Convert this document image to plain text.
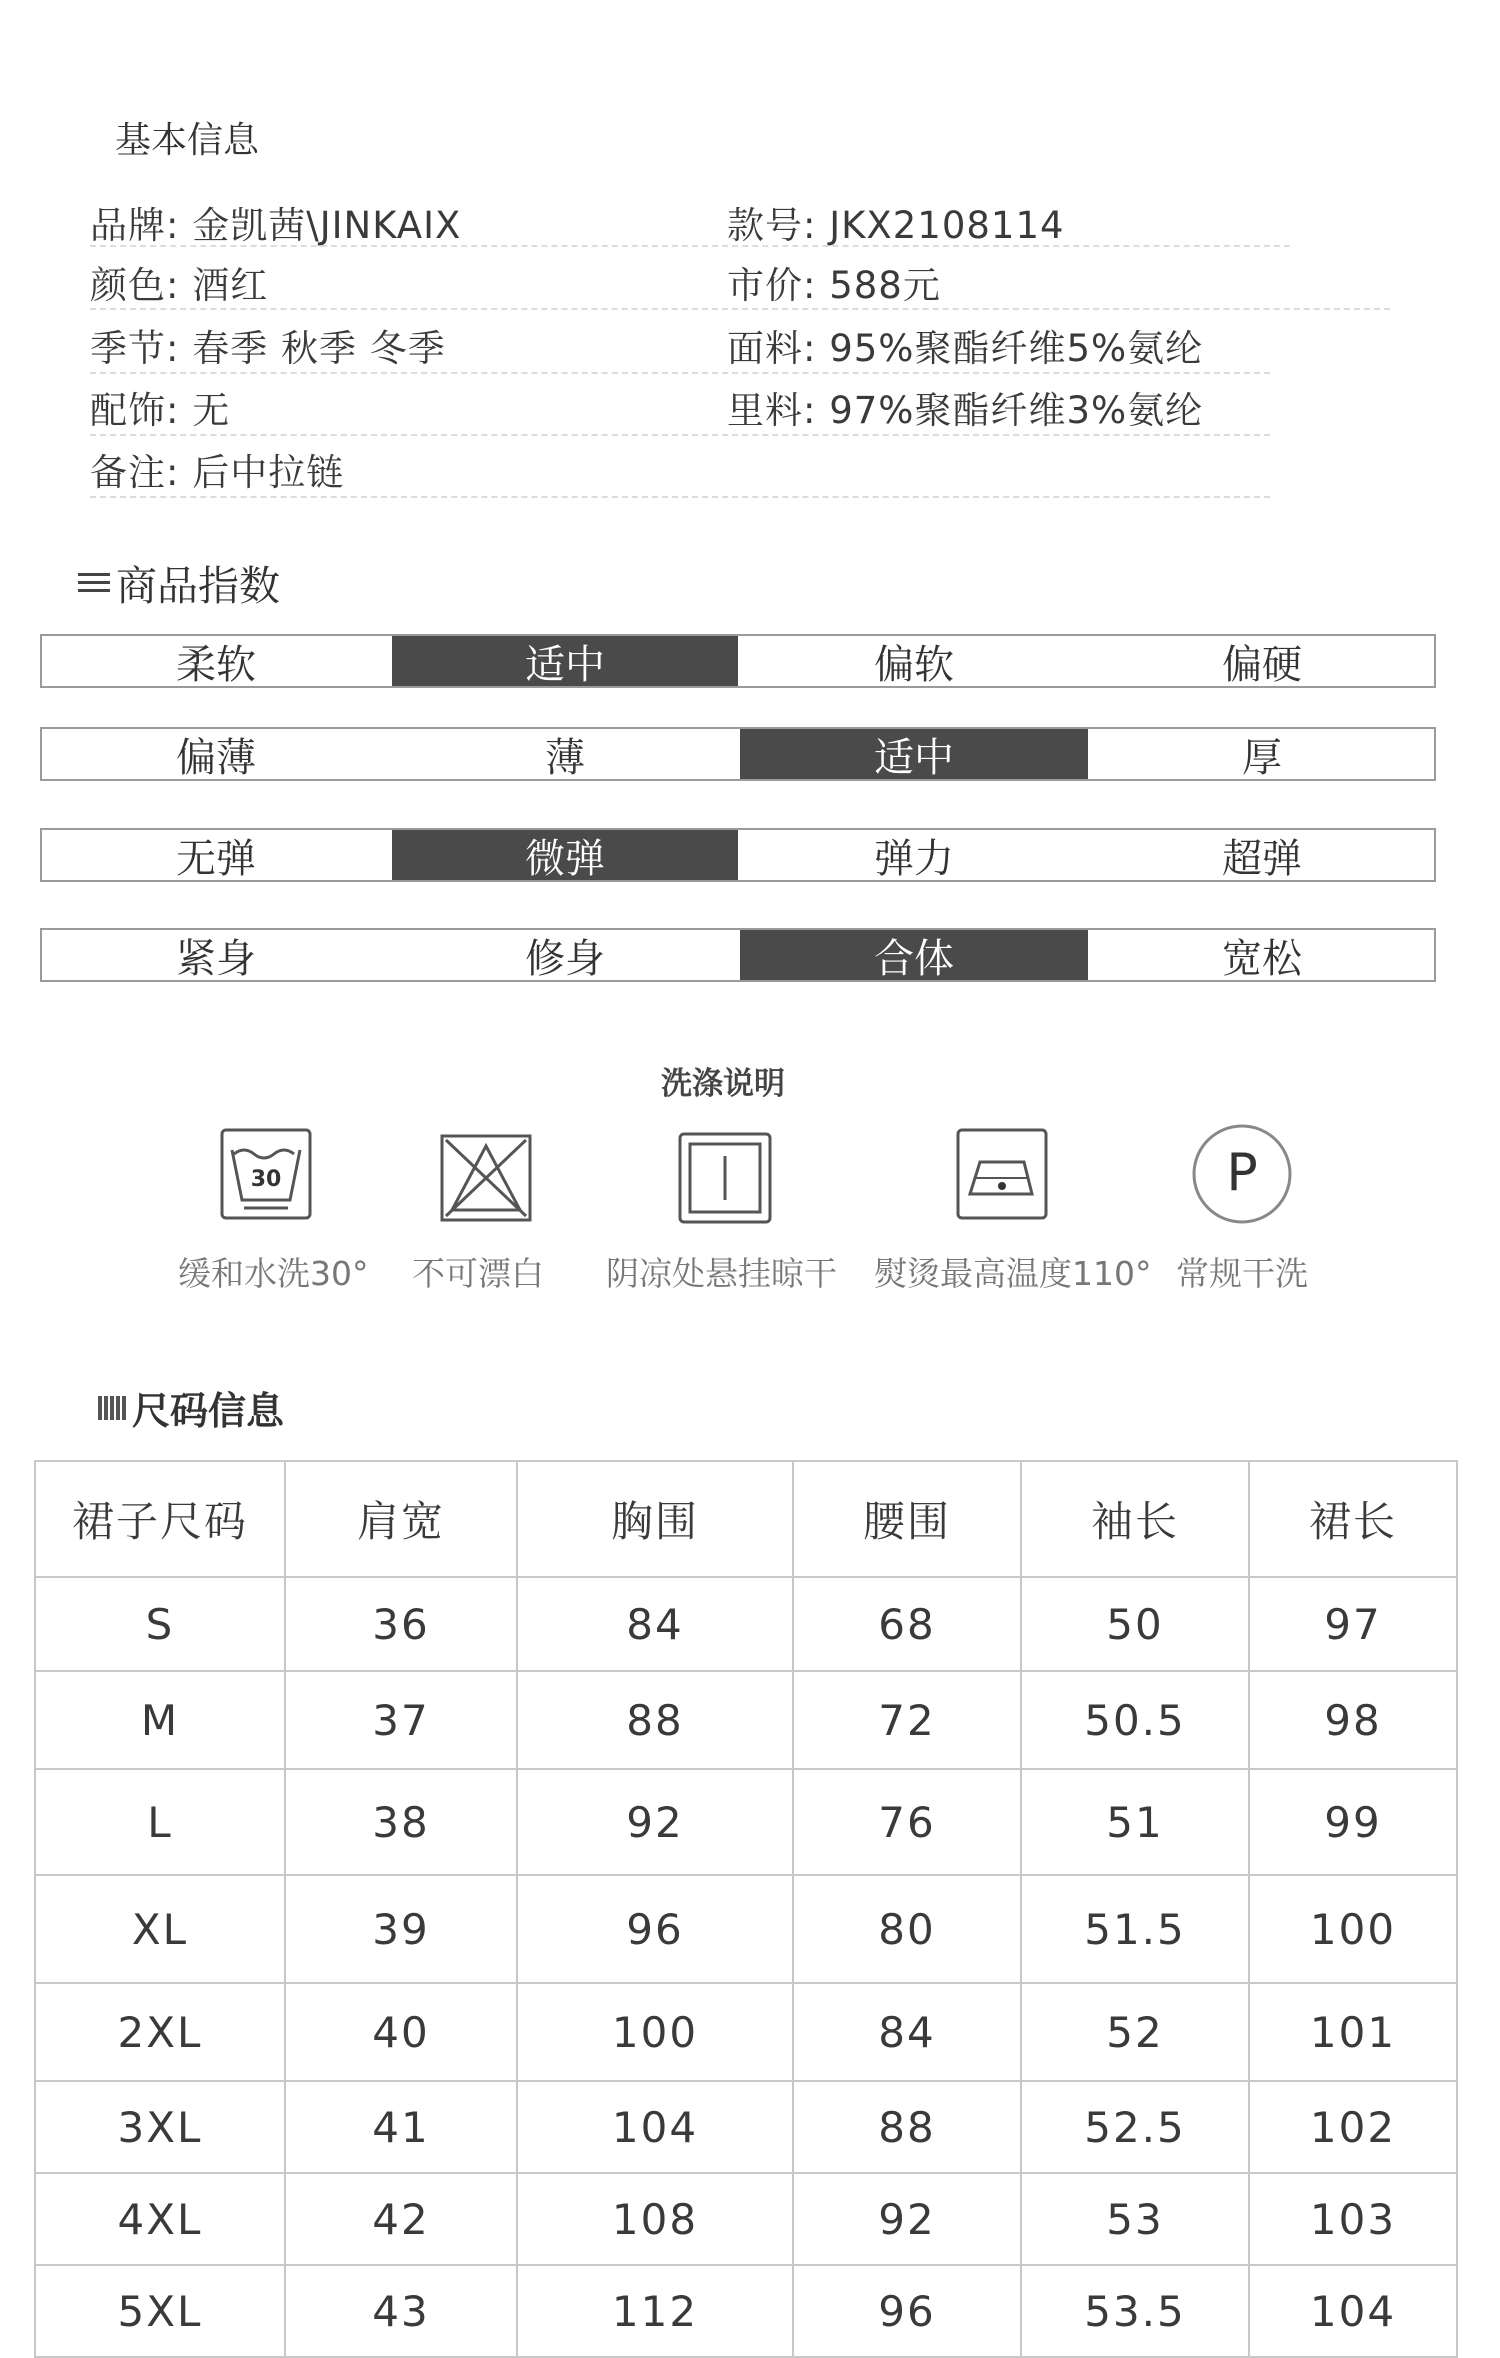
基本信息
品牌: 金凯茜\JINKAIX	款号: JKX2108114
颜色: 酒红	市价: 588元
季节: 春季 秋季 冬季	面料: 95%聚酯纤维5%氨纶
配饰: 无	里料: 97%聚酯纤维3%氨纶
备注: 后中拉链
商品指数
柔软	适中	偏软	偏硬
偏薄	薄	适中	厚
无弹	微弹	弹力	超弹
紧身	修身	合体	宽松
洗涤说明
30	P
缓和水洗30° 不可漂白 阴凉处悬挂晾干 熨烫最高温度110° 常规干洗
尺码信息
裙子尺码	肩宽	胸围	腰围	袖长	裙长
S	36	84	68	50	97
M	37	88	72	50.5	98
L	38	92	76	51	99
XL	39	96	80	51.5	100
2XL	40	100	84	52	101
3XL	41	104	88	52.5	102
4XL	42	108	92	53	103
5XL	43	112	96	53.5	104
